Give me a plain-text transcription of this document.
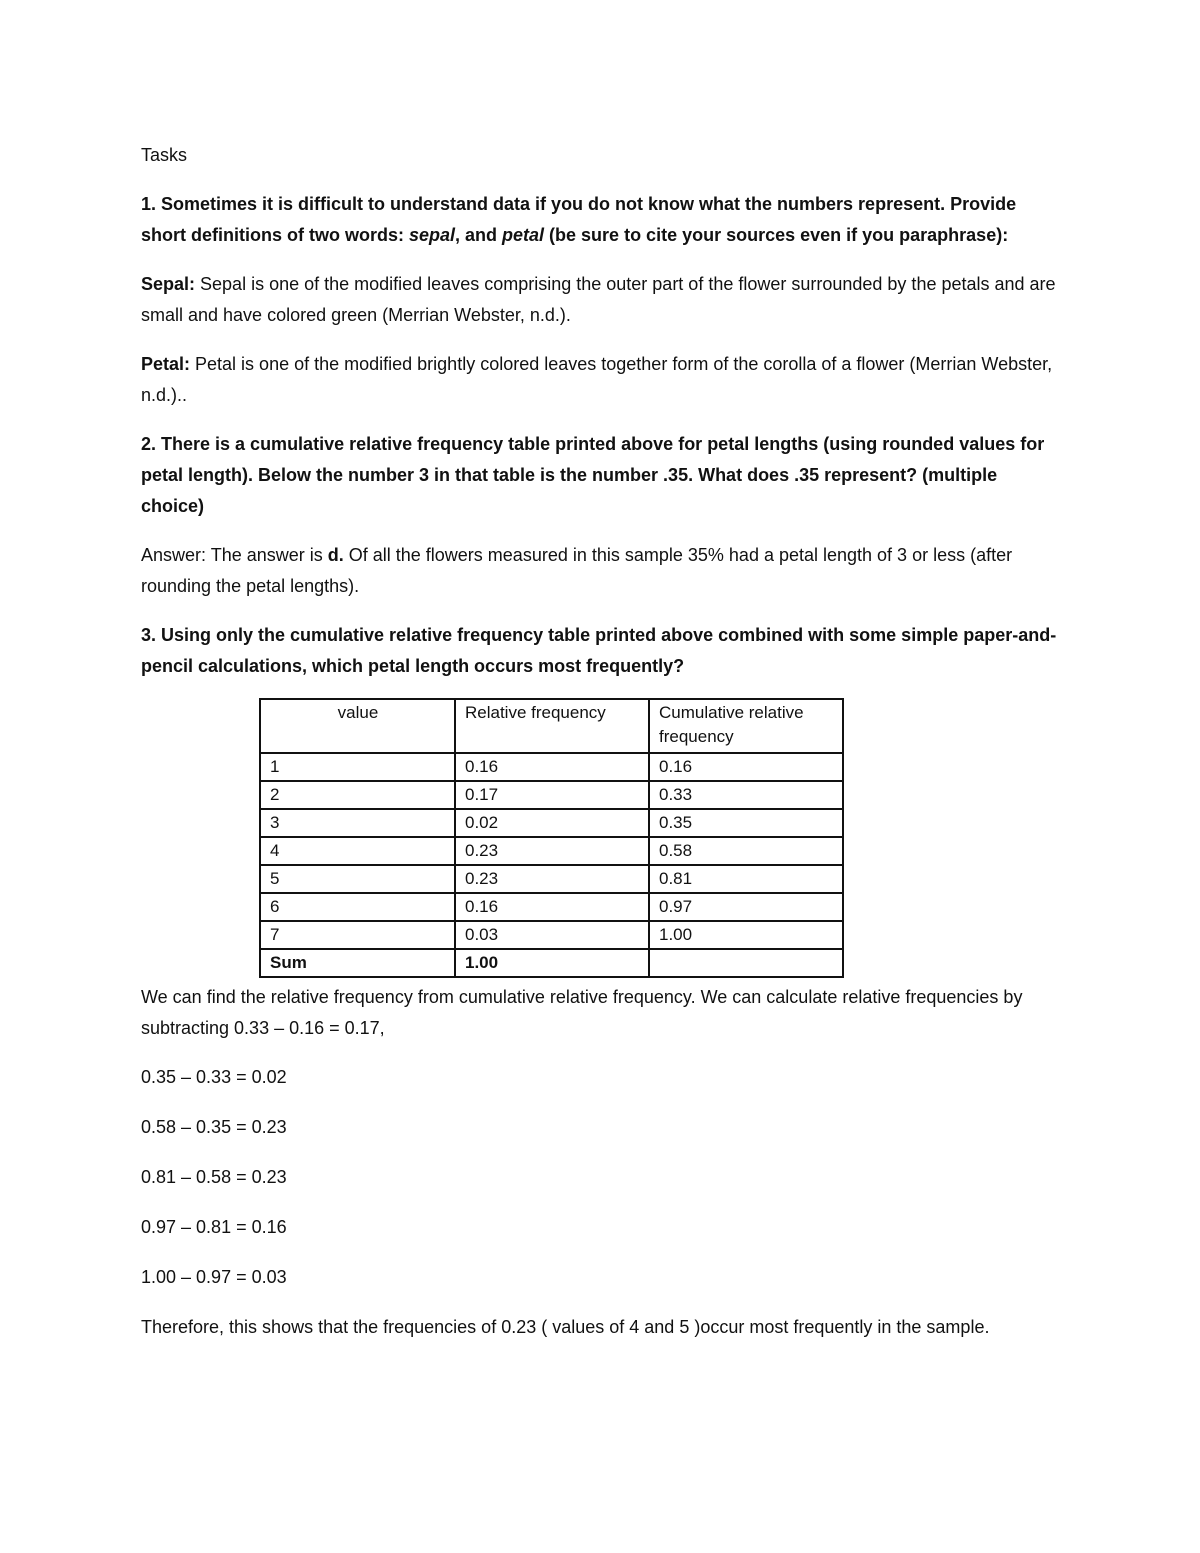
Tasks

1. Sometimes it is difficult to understand data if you do not know what the numbers represent. Provide short definitions of two words: sepal, and petal (be sure to cite your sources even if you paraphrase):

Sepal: Sepal is one of the modified leaves comprising the outer part of the flower surrounded by the petals and are small and have colored green (Merrian Webster, n.d.).

Petal: Petal is one of the modified brightly colored leaves together form of the corolla of a flower (Merrian Webster, n.d.)..

2. There is a cumulative relative frequency table printed above for petal lengths (using rounded values for petal length). Below the number 3 in that table is the number .35. What does .35 represent? (multiple choice)

Answer: The answer is d. Of all the flowers measured in this sample 35% had a petal length of 3 or less (after rounding the petal lengths).

3. Using only the cumulative relative frequency table printed above combined with some simple paper-and-pencil calculations, which petal length occurs most frequently?

value	Relative frequency	Cumulative relative frequency
1	0.16	0.16
2	0.17	0.33
3	0.02	0.35
4	0.23	0.58
5	0.23	0.81
6	0.16	0.97
7	0.03	1.00
Sum	1.00	

We can find the relative frequency from cumulative relative frequency. We can calculate relative frequencies by subtracting 0.33 – 0.16 = 0.17,

0.35 – 0.33 = 0.02

0.58 – 0.35 = 0.23

0.81 – 0.58 = 0.23

0.97 – 0.81 = 0.16

1.00 – 0.97 = 0.03

Therefore, this shows that the frequencies of 0.23 ( values of 4 and 5 )occur most frequently in the sample.
